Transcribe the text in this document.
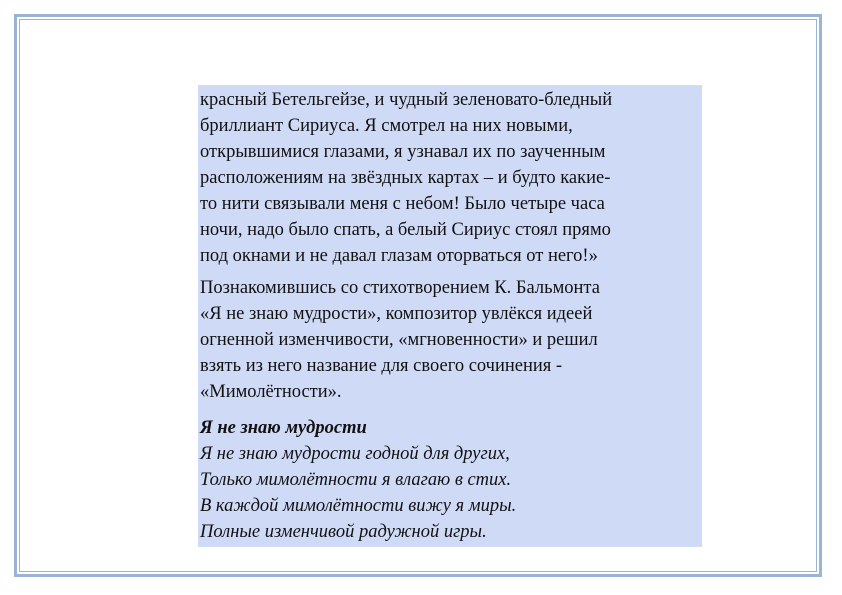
красный Бетельгейзе, и чудный зеленовато-бледный
бриллиант Сириуса. Я смотрел на них новыми,
открывшимися глазами, я узнавал их по заученным
расположениям на звёздных картах – и будто какие-
то нити связывали меня с небом! Было четыре часа
ночи, надо было спать, а белый Сириус стоял прямо
под окнами и не давал глазам оторваться от него!»

Познакомившись со стихотворением К. Бальмонта
«Я не знаю мудрости», композитор увлёкся идеей
огненной изменчивости, «мгновенности» и решил
взять из него название для своего сочинения -
«Мимолётности».

Я не знаю мудрости

Я не знаю мудрости годной для других,

Только мимолётности я влагаю в стих.

В каждой мимолётности вижу я миры.

Полные изменчивой радужной игры.
